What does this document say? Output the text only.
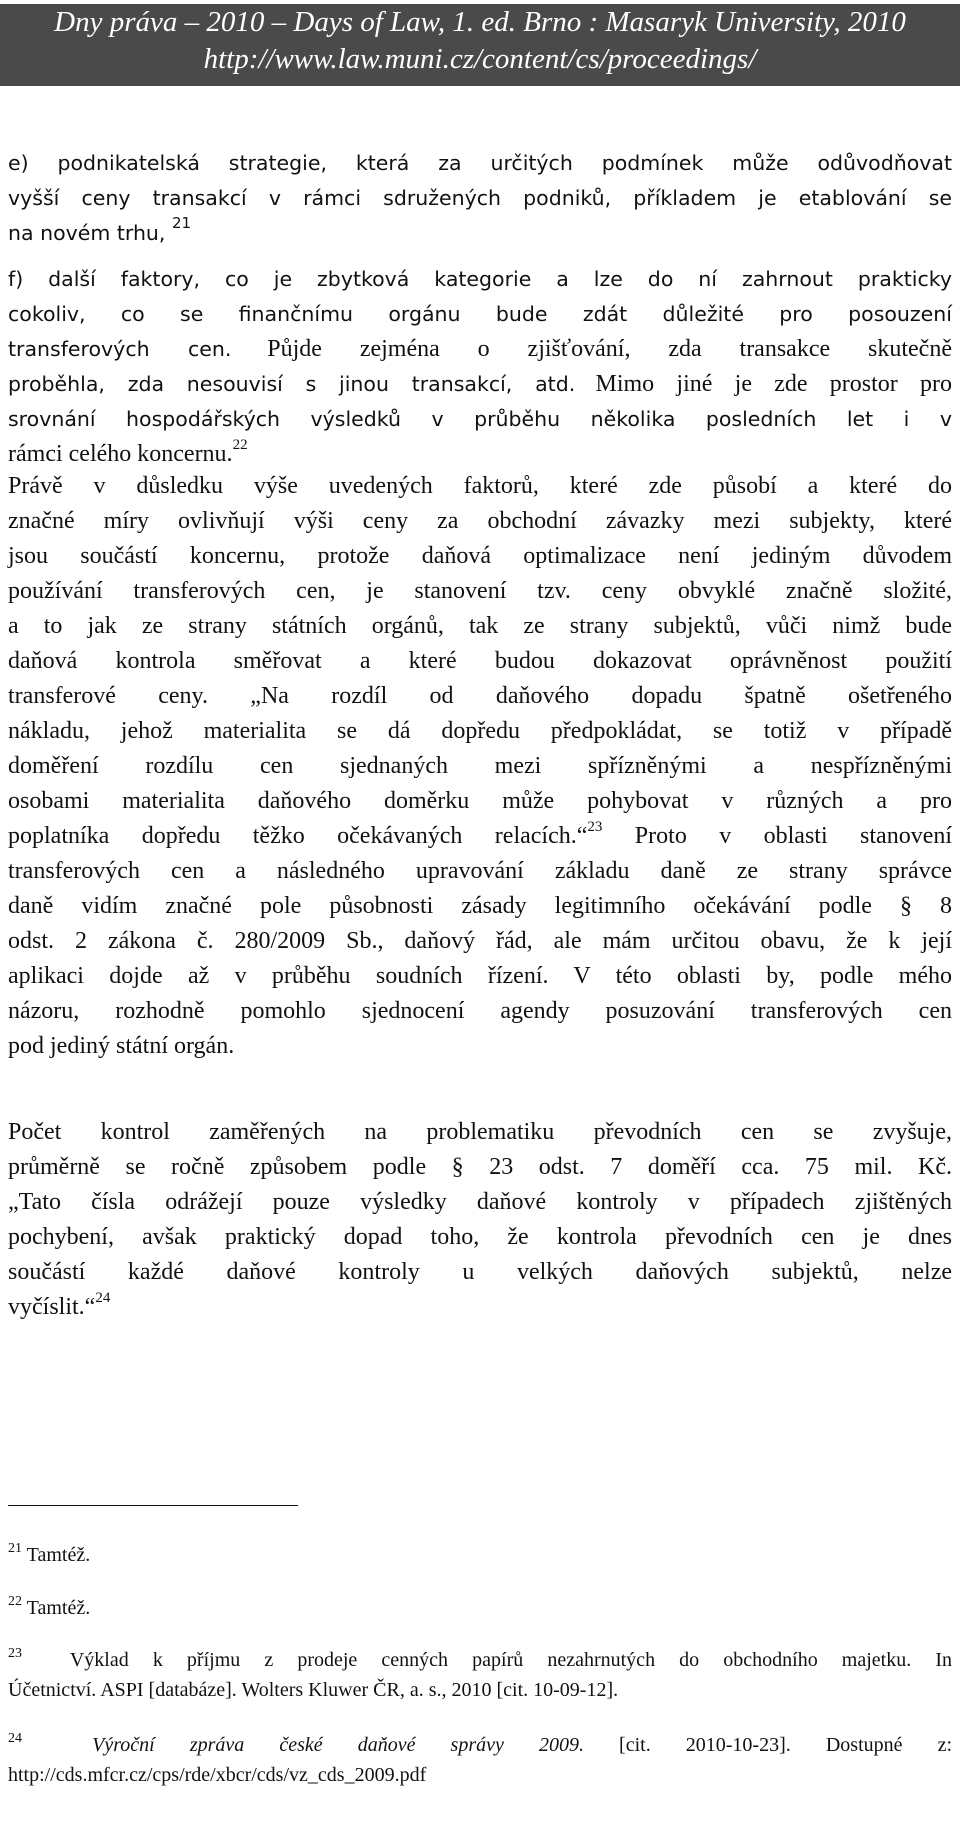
Dny práva – 2010 – Days of Law, 1. ed. Brno : Masaryk University, 2010
http://www.law.muni.cz/content/cs/proceedings/
e) podnikatelská strategie, která za určitých podmínek může odůvodňovat
vyšší ceny transakcí v rámci sdružených podniků, příkladem je etablování se
na novém trhu, $^{21}$
f) další faktory, co je zbytková kategorie a lze do ní zahrnout prakticky
cokoliv, co se finančnímu orgánu bude zdát důležité pro posouzení
transferových cen. Půjde zejména o zjišťování, zda transakce skutečně
proběhla, zda nesouvisí s jinou transakcí, atd. Mimo jiné je zde prostor pro
srovnání hospodářských výsledků v průběhu několika posledních let i v
rámci celého koncernu.$^{22}$
Právě v důsledku výše uvedených faktorů, které zde působí a které do
značné míry ovlivňují výši ceny za obchodní závazky mezi subjekty, které
jsou součástí koncernu, protože daňová optimalizace není jediným důvodem
používání transferových cen, je stanovení tzv. ceny obvyklé značně složité,
a to jak ze strany státních orgánů, tak ze strany subjektů, vůči nimž bude
daňová kontrola směřovat a které budou dokazovat oprávněnost použití
transferové ceny. „Na rozdíl od daňového dopadu špatně ošetřeného
nákladu, jehož materialita se dá dopředu předpokládat, se totiž v případě
doměření rozdílu cen sjednaných mezi spřízněnými a nespřízněnými
osobami materialita daňového doměrku může pohybovat v různých a pro
poplatníka dopředu těžko očekávaných relacích.“$^{23}$ Proto v oblasti stanovení
transferových cen a následného upravování základu daně ze strany správce
daně vidím značné pole působnosti zásady legitimního očekávání podle § 8
odst. 2 zákona č. 280/2009 Sb., daňový řád, ale mám určitou obavu, že k její
aplikaci dojde až v průběhu soudních řízení. V této oblasti by, podle mého
názoru, rozhodně pomohlo sjednocení agendy posuzování transferových cen
pod jediný státní orgán.
Počet kontrol zaměřených na problematiku převodních cen se zvyšuje,
průměrně se ročně způsobem podle § 23 odst. 7 doměří cca. 75 mil. Kč.
„Tato čísla odrážejí pouze výsledky daňové kontroly v případech zjištěných
pochybení, avšak praktický dopad toho, že kontrola převodních cen je dnes
součástí každé daňové kontroly u velkých daňových subjektů, nelze
vyčíslit.“$^{24}$
$^{21}$ Tamtéž.
$^{22}$ Tamtéž.
$^{23}$ Výklad k příjmu z prodeje cenných papírů nezahrnutých do obchodního majetku. In
Účetnictví. ASPI [databáze]. Wolters Kluwer ČR, a. s., 2010 [cit. 10-09-12].
$^{24}$	Výroční zpráva české daňové správy 2009. [cit. 2010-10-23]. Dostupné z:
http://cds.mfcr.cz/cps/rde/xbcr/cds/vz_cds_2009.pdf
